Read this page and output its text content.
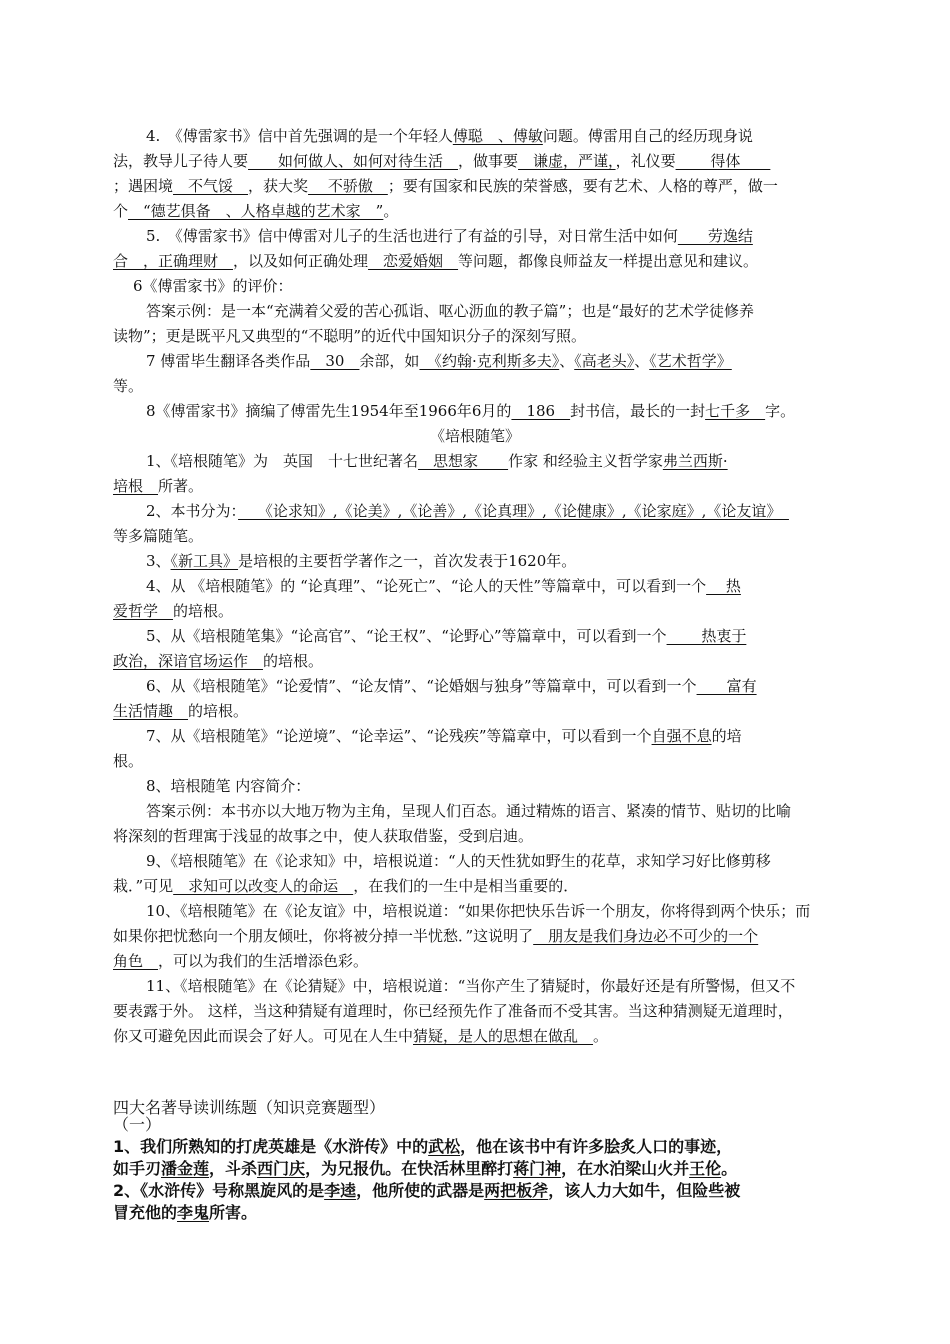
4.　《傅雷家书》信中首先强调的是一个年轻人傅聪　、傅敏问题。傅雷用自己的经历现身说
法，教导儿子待人要　　如何做人、如何对待生活　，做事要　谦虚，严谨，，礼仪要　　 得体　　
；遇困境　不气馁　，获大奖　 不骄傲　；要有国家和民族的荣誉感，要有艺术、人格的尊严，做一
个　“德艺俱备　、人格卓越的艺术家　”。
5.　《傅雷家书》信中傅雷对儿子的生活也进行了有益的引导，对日常生活中如何　　劳逸结
合　，正确理财　，以及如何正确处理　恋爱婚姻　等问题，都像良师益友一样提出意见和建议。
6《傅雷家书》的评价：
答案示例：是一本“充满着父爱的苦心孤诣、呕心沥血的教子篇”；也是“最好的艺术学徒修养
读物”；更是既平凡又典型的“不聪明”的近代中国知识分子的深刻写照。
7 傅雷毕生翻译各类作品　30　余部，如　《约翰·克利斯多夫》、《高老头》、《艺术哲学》
等。
8《傅雷家书》摘编了傅雷先生1954年至1966年6月的　186　封书信，最长的一封七千多　字。
《培根随笔》
1、《培根随笔》为　英国　十七世纪著名　思想家　　作家 和经验主义哲学家弗兰西斯·
培根　所著。
2、本书分为：　 《论求知》,《论美》,《论善》,《论真理》,《论健康》,《论家庭》,《论友谊》　
等多篇随笔。
3、《新工具》是培根的主要哲学著作之一，首次发表于1620年。
4、从 《培根随笔》的 “论真理”、“论死亡”、“论人的天性”等篇章中，可以看到一个　 热
爱哲学　的培根。
5、从《培根随笔集》“论高官”、“论王权”、“论野心”等篇章中，可以看到一个　　 热衷于
政治，深谙官场运作　的培根。
6、从《培根随笔》“论爱情”、“论友情”、“论婚姻与独身”等篇章中，可以看到一个　　富有
生活情趣　的培根。
7、从《培根随笔》“论逆境”、“论幸运”、“论残疾”等篇章中，可以看到一个自强不息的培
根。
8、培根随笔 内容简介：
答案示例：本书亦以大地万物为主角，呈现人们百态。通过精炼的语言、紧凑的情节、贴切的比喻
将深刻的哲理寓于浅显的故事之中，使人获取借鉴，受到启迪。
9、《培根随笔》在《论求知》中，培根说道：“人的天性犹如野生的花草，求知学习好比修剪移
栽．”可见　求知可以改变人的命运　，在我们的一生中是相当重要的．
10、《培根随笔》在《论友谊》中，培根说道：“如果你把快乐告诉一个朋友，你将得到两个快乐；而
如果你把忧愁向一个朋友倾吐，你将被分掉一半忧愁．”这说明了　朋友是我们身边必不可少的一个
角色　，可以为我们的生活增添色彩。
11、《培根随笔》在《论猜疑》中，培根说道：“当你产生了猜疑时，你最好还是有所警惕，但又不
要表露于外。 这样，当这种猜疑有道理时，你已经预先作了准备而不受其害。当这种猜测疑无道理时，
你又可避免因此而误会了好人。可见在人生中猜疑，是人的思想在做乱　。
四大名著导读训练题（知识竞赛题型）
（一）
1、我们所熟知的打虎英雄是《水浒传》中的武松，他在该书中有许多脍炙人口的事迹，
如手刃潘金莲，斗杀西门庆，为兄报仇。在快活林里醉打蒋门神，在水泊梁山火并王伦。
2、《水浒传》号称黑旋风的是李逵，他所使的武器是两把板斧，该人力大如牛，但险些被
冒充他的李鬼所害。
